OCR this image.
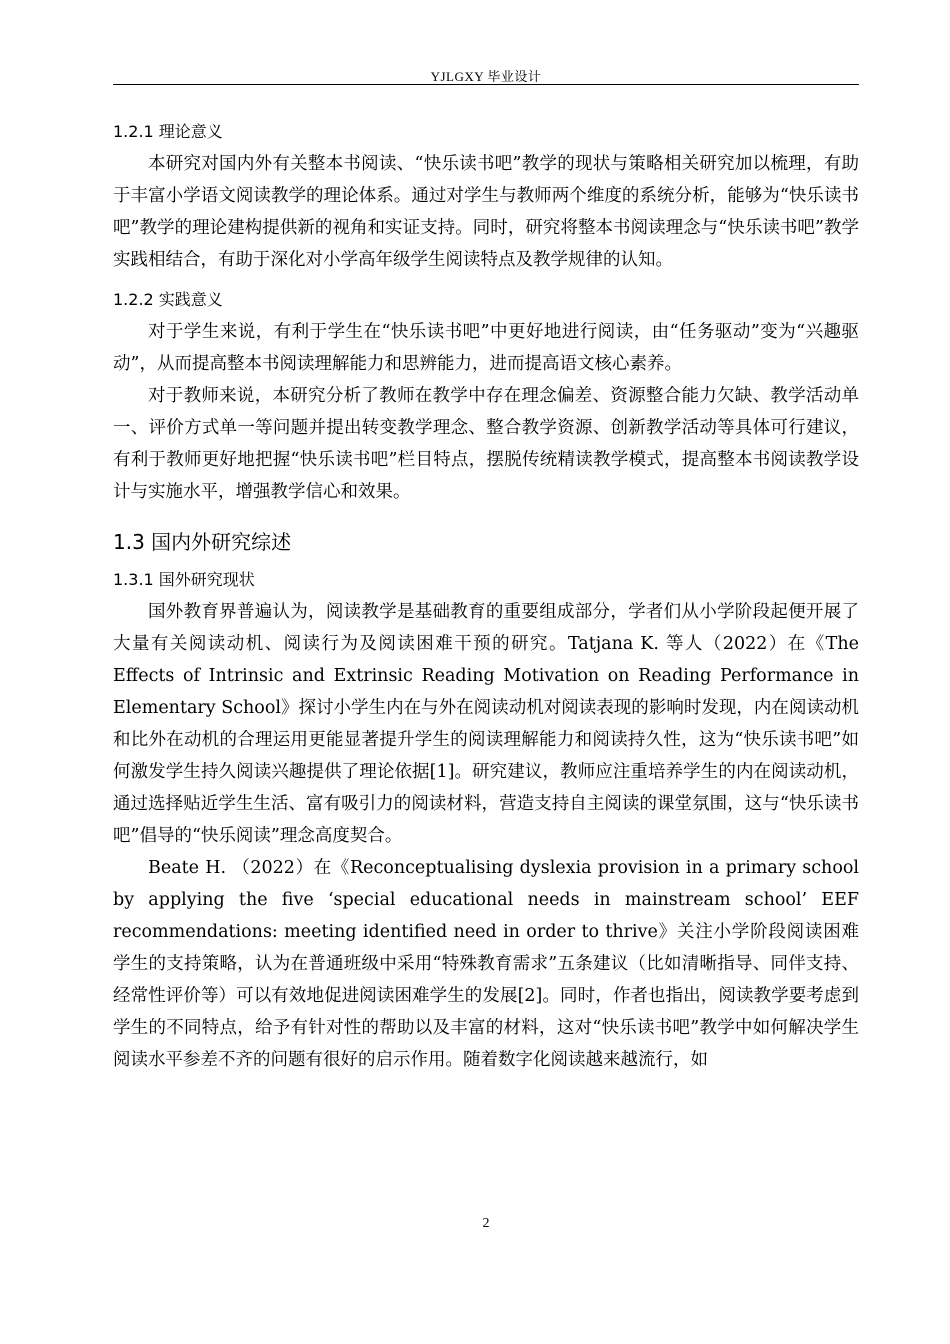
YJLGXY 毕业设计
1.2.1 理论意义

本研究对国内外有关整本书阅读、“快乐读书吧”教学的现状与策略相关研究加以梳理，有助于丰富小学语文阅读教学的理论体系。通过对学生与教师两个维度的系统分析，能够为“快乐读书吧”教学的理论建构提供新的视角和实证支持。同时，研究将整本书阅读理念与“快乐读书吧”教学实践相结合，有助于深化对小学高年级学生阅读特点及教学规律的认知。

1.2.2 实践意义

对于学生来说，有利于学生在“快乐读书吧”中更好地进行阅读，由“任务驱动”变为“兴趣驱动”，从而提高整本书阅读理解能力和思辨能力，进而提高语文核心素养。

对于教师来说，本研究分析了教师在教学中存在理念偏差、资源整合能力欠缺、教学活动单一、评价方式单一等问题并提出转变教学理念、整合教学资源、创新教学活动等具体可行建议，有利于教师更好地把握“快乐读书吧”栏目特点，摆脱传统精读教学模式，提高整本书阅读教学设计与实施水平，增强教学信心和效果。

1.3 国内外研究综述
1.3.1 国外研究现状

国外教育界普遍认为，阅读教学是基础教育的重要组成部分，学者们从小学阶段起便开展了大量有关阅读动机、阅读行为及阅读困难干预的研究。Tatjana K. 等人（2022）在《The Effects of Intrinsic and Extrinsic Reading Motivation on Reading Performance in Elementary School》探讨小学生内在与外在阅读动机对阅读表现的影响时发现，内在阅读动机和比外在动机的合理运用更能显著提升学生的阅读理解能力和阅读持久性，这为“快乐读书吧”如何激发学生持久阅读兴趣提供了理论依据[1]。研究建议，教师应注重培养学生的内在阅读动机，通过选择贴近学生生活、富有吸引力的阅读材料，营造支持自主阅读的课堂氛围，这与“快乐读书吧”倡导的“快乐阅读”理念高度契合。

Beate H. （2022）在《Reconceptualising dyslexia provision in a primary school by applying the five ‘special educational needs in mainstream school’ EEF recommendations: meeting identified need in order to thrive》关注小学阶段阅读困难学生的支持策略，认为在普通班级中采用“特殊教育需求”五条建议（比如清晰指导、同伴支持、经常性评价等）可以有效地促进阅读困难学生的发展[2]。同时，作者也指出，阅读教学要考虑到学生的不同特点，给予有针对性的帮助以及丰富的材料，这对“快乐读书吧”教学中如何解决学生阅读水平参差不齐的问题有很好的启示作用。随着数字化阅读越来越流行，如

2
